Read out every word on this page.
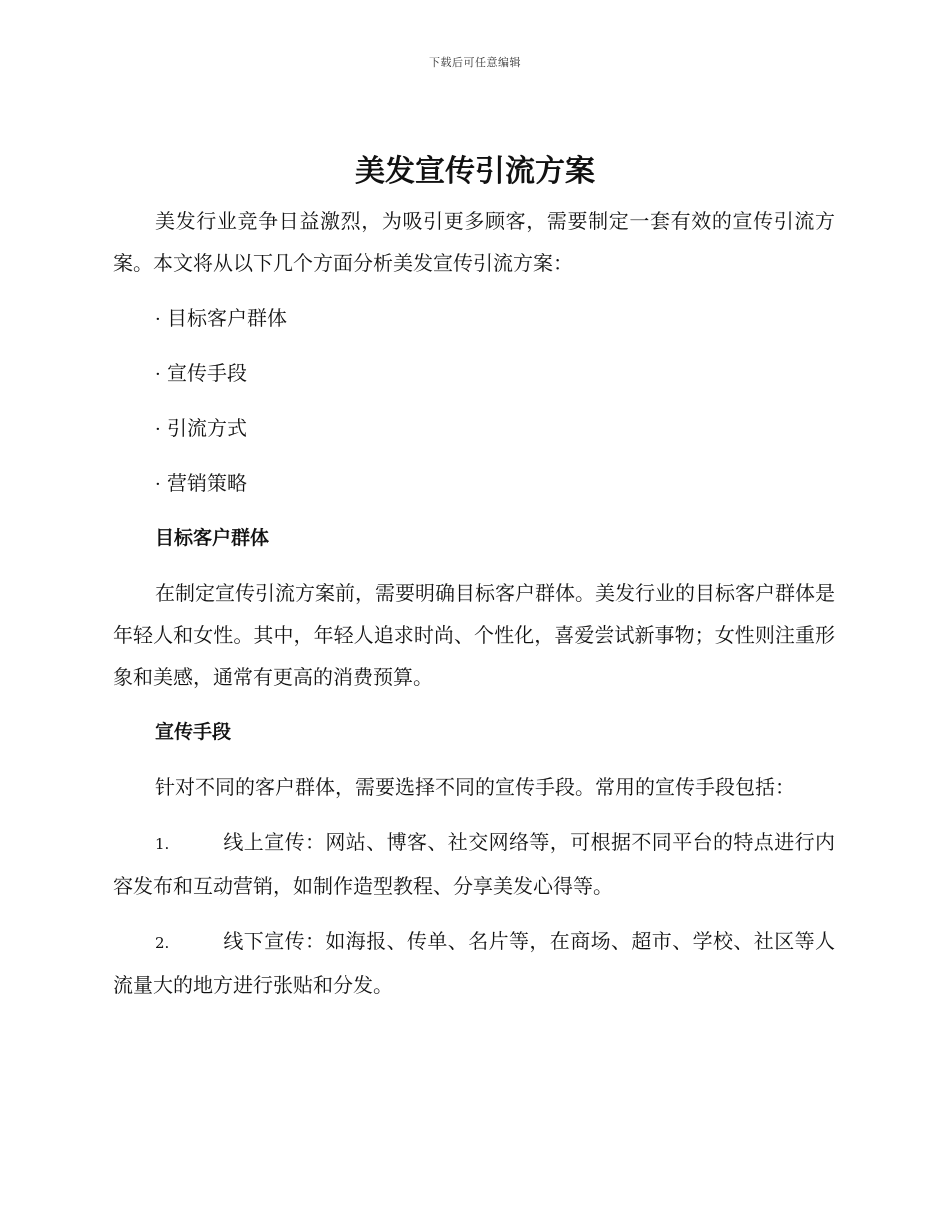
下载后可任意编辑
美发宣传引流方案

美发行业竞争日益激烈，为吸引更多顾客，需要制定一套有效的宣传引流方案。本文将从以下几个方面分析美发宣传引流方案：

· 目标客户群体

· 宣传手段

· 引流方式

· 营销策略

目标客户群体

在制定宣传引流方案前，需要明确目标客户群体。美发行业的目标客户群体是年轻人和女性。其中，年轻人追求时尚、个性化，喜爱尝试新事物；女性则注重形象和美感，通常有更高的消费预算。

宣传手段

针对不同的客户群体，需要选择不同的宣传手段。常用的宣传手段包括：

1.	线上宣传：网站、博客、社交网络等，可根据不同平台的特点进行内容发布和互动营销，如制作造型教程、分享美发心得等。

2.	线下宣传：如海报、传单、名片等，在商场、超市、学校、社区等人流量大的地方进行张贴和分发。
